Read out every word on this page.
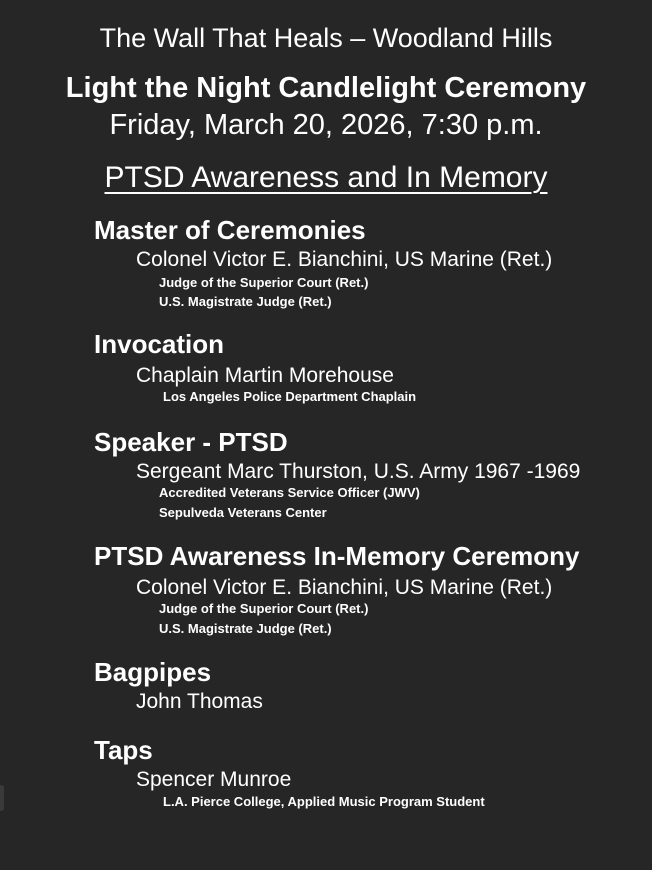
The Wall That Heals – Woodland Hills
Light the Night Candlelight Ceremony
Friday, March 20, 2026, 7:30 p.m.
PTSD Awareness and In Memory
Master of Ceremonies
Colonel Victor E. Bianchini, US Marine (Ret.)
Judge of the Superior Court (Ret.)
U.S. Magistrate Judge (Ret.)
Invocation
Chaplain Martin Morehouse
Los Angeles Police Department Chaplain
Speaker - PTSD
Sergeant Marc Thurston, U.S. Army 1967 -1969
Accredited Veterans Service Officer (JWV)
Sepulveda Veterans Center
PTSD Awareness In-Memory Ceremony
Colonel Victor E. Bianchini, US Marine (Ret.)
Judge of the Superior Court (Ret.)
U.S. Magistrate Judge (Ret.)
Bagpipes
John Thomas
Taps
Spencer Munroe
L.A. Pierce College, Applied Music Program Student
